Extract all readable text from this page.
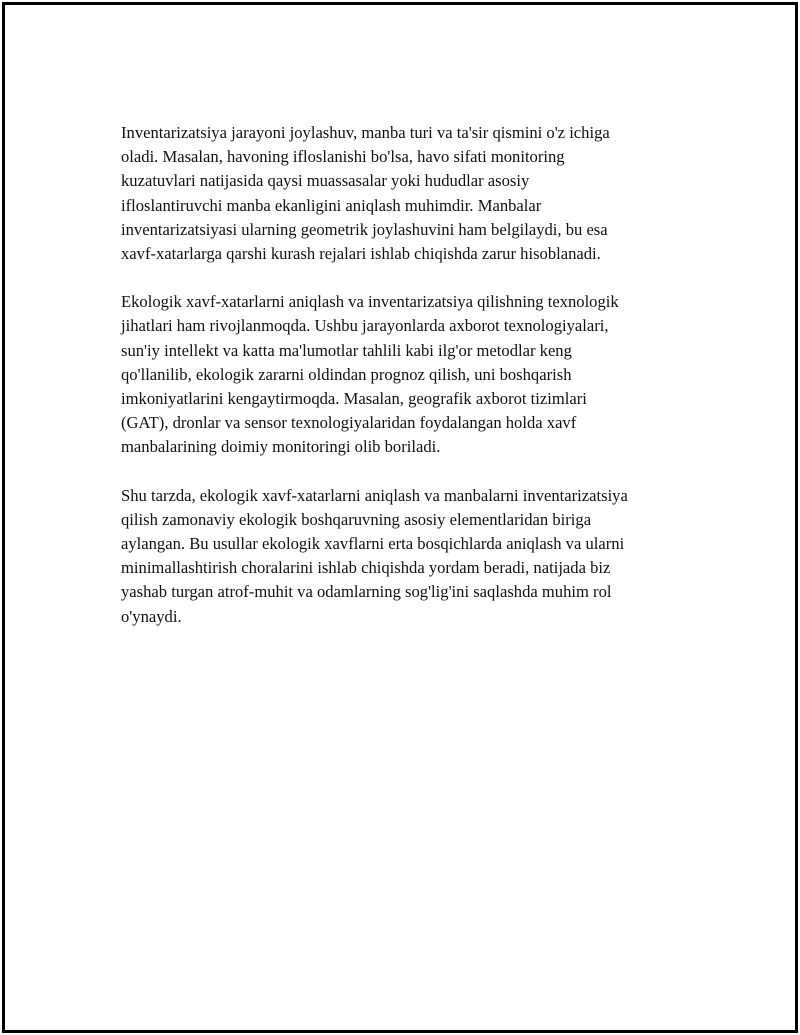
Inventarizatsiya jarayoni joylashuv, manba turi va ta'sir qismini o'z ichiga
oladi. Masalan, havoning ifloslanishi bo'lsa, havo sifati monitoring
kuzatuvlari natijasida qaysi muassasalar yoki hududlar asosiy
ifloslantiruvchi manba ekanligini aniqlash muhimdir. Manbalar
inventarizatsiyasi ularning geometrik joylashuvini ham belgilaydi, bu esa
xavf-xatarlarga qarshi kurash rejalari ishlab chiqishda zarur hisoblanadi.

Ekologik xavf-xatarlarni aniqlash va inventarizatsiya qilishning texnologik
jihatlari ham rivojlanmoqda. Ushbu jarayonlarda axborot texnologiyalari,
sun'iy intellekt va katta ma'lumotlar tahlili kabi ilg'or metodlar keng
qo'llanilib, ekologik zararni oldindan prognoz qilish, uni boshqarish
imkoniyatlarini kengaytirmoqda. Masalan, geografik axborot tizimlari
(GAT), dronlar va sensor texnologiyalaridan foydalangan holda xavf
manbalarining doimiy monitoringi olib boriladi.

Shu tarzda, ekologik xavf-xatarlarni aniqlash va manbalarni inventarizatsiya
qilish zamonaviy ekologik boshqaruvning asosiy elementlaridan biriga
aylangan. Bu usullar ekologik xavflarni erta bosqichlarda aniqlash va ularni
minimallashtirish choralarini ishlab chiqishda yordam beradi, natijada biz
yashab turgan atrof-muhit va odamlarning sog'lig'ini saqlashda muhim rol
o'ynaydi.
